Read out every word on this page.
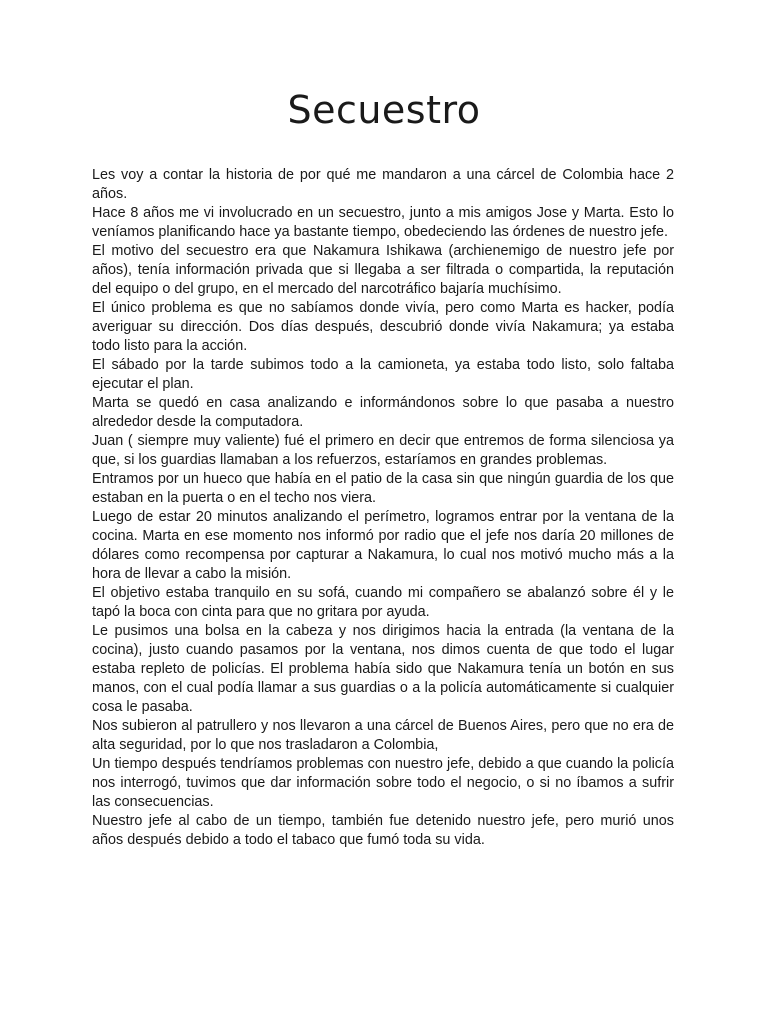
Secuestro

Les voy a contar la historia de por qué me mandaron a una cárcel de Colombia hace 2 años.

Hace 8 años me vi involucrado en un secuestro, junto a mis amigos Jose y Marta. Esto lo veníamos planificando hace ya bastante tiempo, obedeciendo las órdenes de nuestro jefe.

El motivo del secuestro era que Nakamura Ishikawa (archienemigo de nuestro jefe por años), tenía información privada que si llegaba a ser filtrada o compartida, la reputación del equipo o del grupo, en el mercado del narcotráfico bajaría muchísimo.

El único problema es que no sabíamos donde vivía, pero como Marta es hacker, podía averiguar su dirección. Dos días después, descubrió donde vivía Nakamura; ya estaba todo listo para la acción.

El sábado por la tarde subimos todo a la camioneta, ya estaba todo listo, solo faltaba ejecutar el plan.

Marta se quedó en casa analizando e informándonos sobre lo que pasaba a nuestro alrededor desde la computadora.

Juan ( siempre muy valiente) fué el primero en decir que entremos de forma silenciosa ya que, si los guardias llamaban a los refuerzos, estaríamos en grandes problemas.

Entramos por un hueco que había en el patio de la casa sin que ningún guardia de los que estaban en la puerta o en el techo nos viera.

Luego de estar 20 minutos analizando el perímetro, logramos entrar por la ventana de la cocina. Marta en ese momento nos informó por radio que el jefe nos daría 20 millones de dólares como recompensa por capturar a Nakamura, lo cual nos motivó mucho más a la hora de llevar a cabo la misión.

El objetivo estaba tranquilo en su sofá, cuando mi compañero se abalanzó sobre él y le tapó la boca con cinta para que no gritara por ayuda.

Le pusimos una bolsa en la cabeza y nos dirigimos hacia la entrada (la ventana de la cocina), justo cuando pasamos por la ventana, nos dimos cuenta de que todo el lugar estaba repleto de policías. El problema había sido que Nakamura tenía un botón en sus manos, con el cual podía llamar a sus guardias o a la policía automáticamente si cualquier cosa le pasaba.

Nos subieron al patrullero y nos llevaron a una cárcel de Buenos Aires, pero que no era de alta seguridad, por lo que nos trasladaron a Colombia,

Un tiempo después tendríamos problemas con nuestro jefe, debido a que cuando la policía nos interrogó, tuvimos que dar información sobre todo el negocio, o si no íbamos a sufrir las consecuencias.

Nuestro jefe al cabo de un tiempo, también fue detenido nuestro jefe, pero murió unos años después debido a todo el tabaco que fumó toda su vida.
